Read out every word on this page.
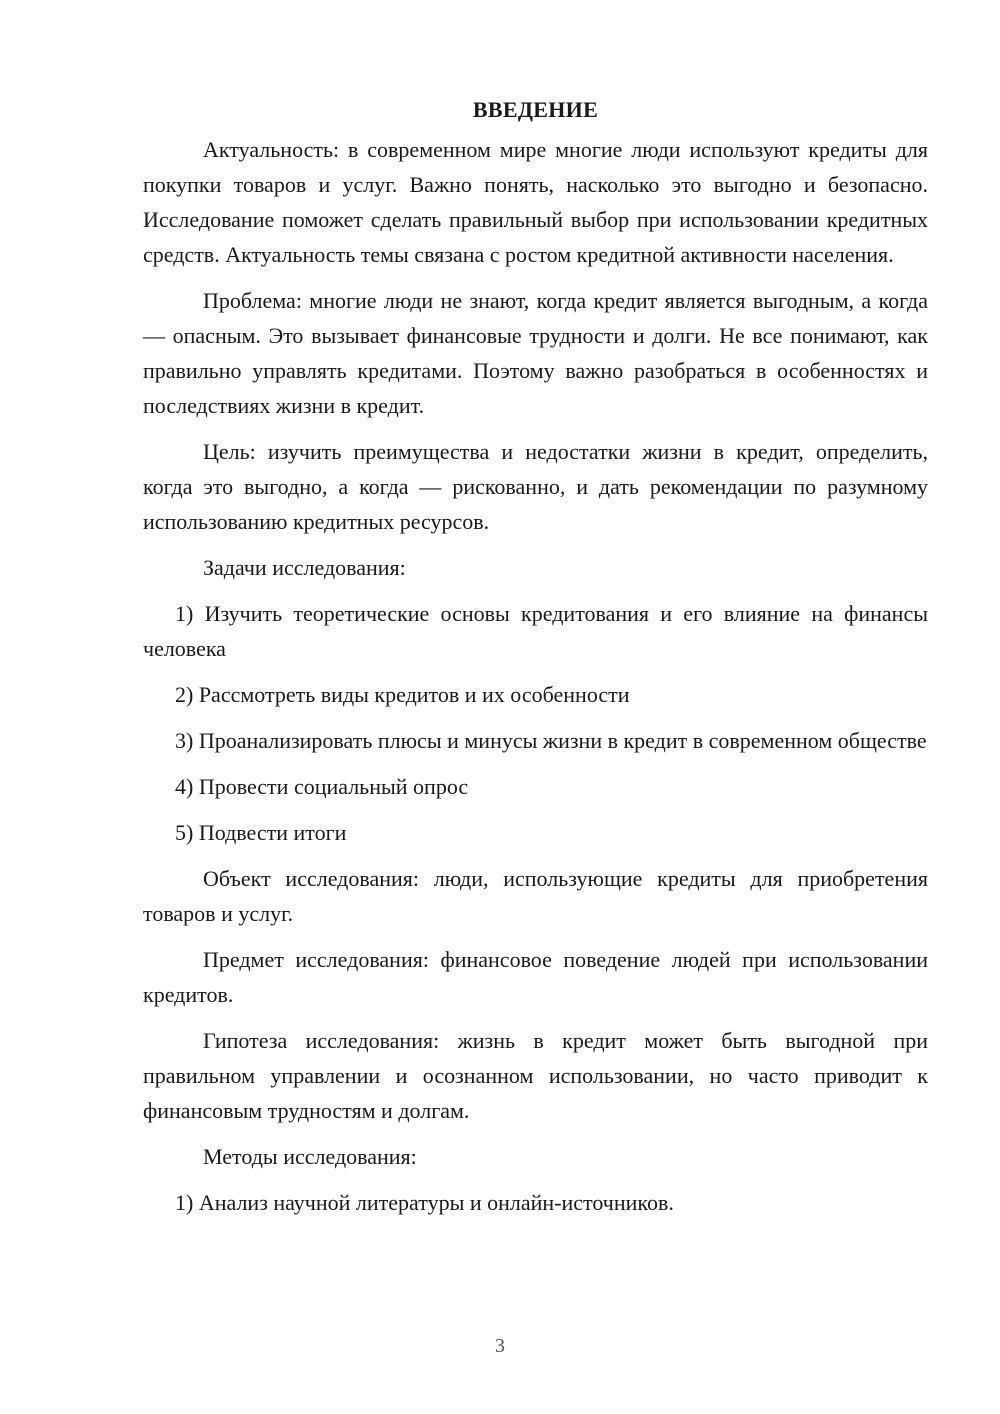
ВВЕДЕНИЕ

Актуальность: в современном мире многие люди используют кредиты для покупки товаров и услуг. Важно понять, насколько это выгодно и безопасно. Исследование поможет сделать правильный выбор при использовании кредитных средств. Актуальность темы связана с ростом кредитной активности населения.

Проблема: многие люди не знают, когда кредит является выгодным, а когда — опасным. Это вызывает финансовые трудности и долги. Не все понимают, как правильно управлять кредитами. Поэтому важно разобраться в особенностях и последствиях жизни в кредит.

Цель: изучить преимущества и недостатки жизни в кредит, определить, когда это выгодно, а когда — рискованно, и дать рекомендации по разумному использованию кредитных ресурсов.

Задачи исследования:

1) Изучить теоретические основы кредитования и его влияние на финансы человека

2) Рассмотреть виды кредитов и их особенности

3) Проанализировать плюсы и минусы жизни в кредит в современном обществе

4) Провести социальный опрос

5) Подвести итоги

Объект исследования: люди, использующие кредиты для приобретения товаров и услуг.

Предмет исследования: финансовое поведение людей при использовании кредитов.

Гипотеза исследования: жизнь в кредит может быть выгодной при правильном управлении и осознанном использовании, но часто приводит к финансовым трудностям и долгам.

Методы исследования:

1) Анализ научной литературы и онлайн-источников.

3
